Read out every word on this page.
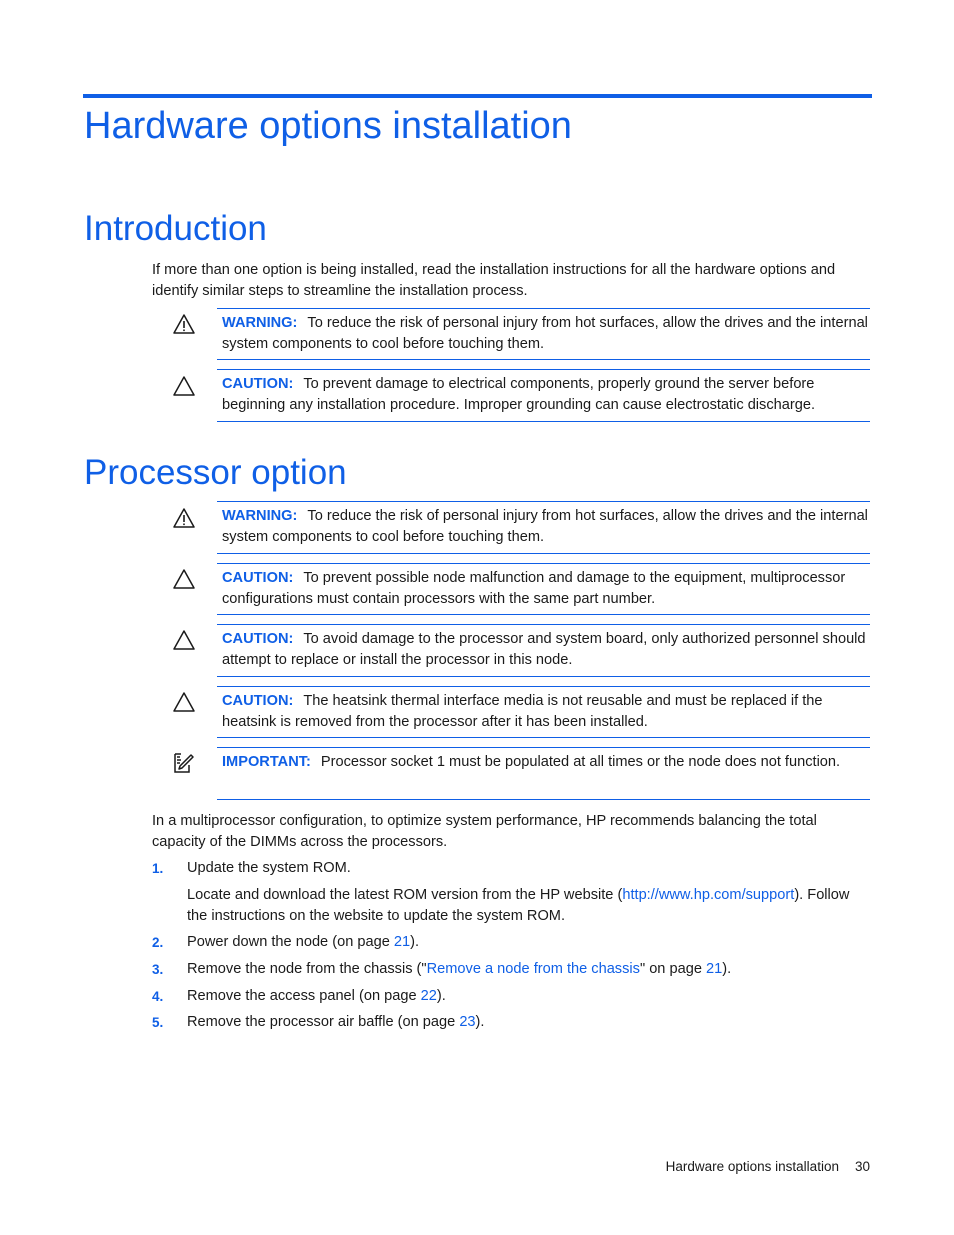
Hardware options installation
Introduction

If more than one option is being installed, read the installation instructions for all the hardware options and identify similar steps to streamline the installation process.

WARNING: To reduce the risk of personal injury from hot surfaces, allow the drives and the internal system components to cool before touching them.

CAUTION: To prevent damage to electrical components, properly ground the server before beginning any installation procedure. Improper grounding can cause electrostatic discharge.

Processor option

WARNING: To reduce the risk of personal injury from hot surfaces, allow the drives and the internal system components to cool before touching them.

CAUTION: To prevent possible node malfunction and damage to the equipment, multiprocessor configurations must contain processors with the same part number.

CAUTION: To avoid damage to the processor and system board, only authorized personnel should attempt to replace or install the processor in this node.

CAUTION: The heatsink thermal interface media is not reusable and must be replaced if the heatsink is removed from the processor after it has been installed.

IMPORTANT: Processor socket 1 must be populated at all times or the node does not function.

In a multiprocessor configuration, to optimize system performance, HP recommends balancing the total capacity of the DIMMs across the processors.

1. Update the system ROM.
Locate and download the latest ROM version from the HP website (http://www.hp.com/support). Follow the instructions on the website to update the system ROM.
2. Power down the node (on page 21).
3. Remove the node from the chassis ("Remove a node from the chassis" on page 21).
4. Remove the access panel (on page 22).
5. Remove the processor air baffle (on page 23).
Hardware options installation 30
